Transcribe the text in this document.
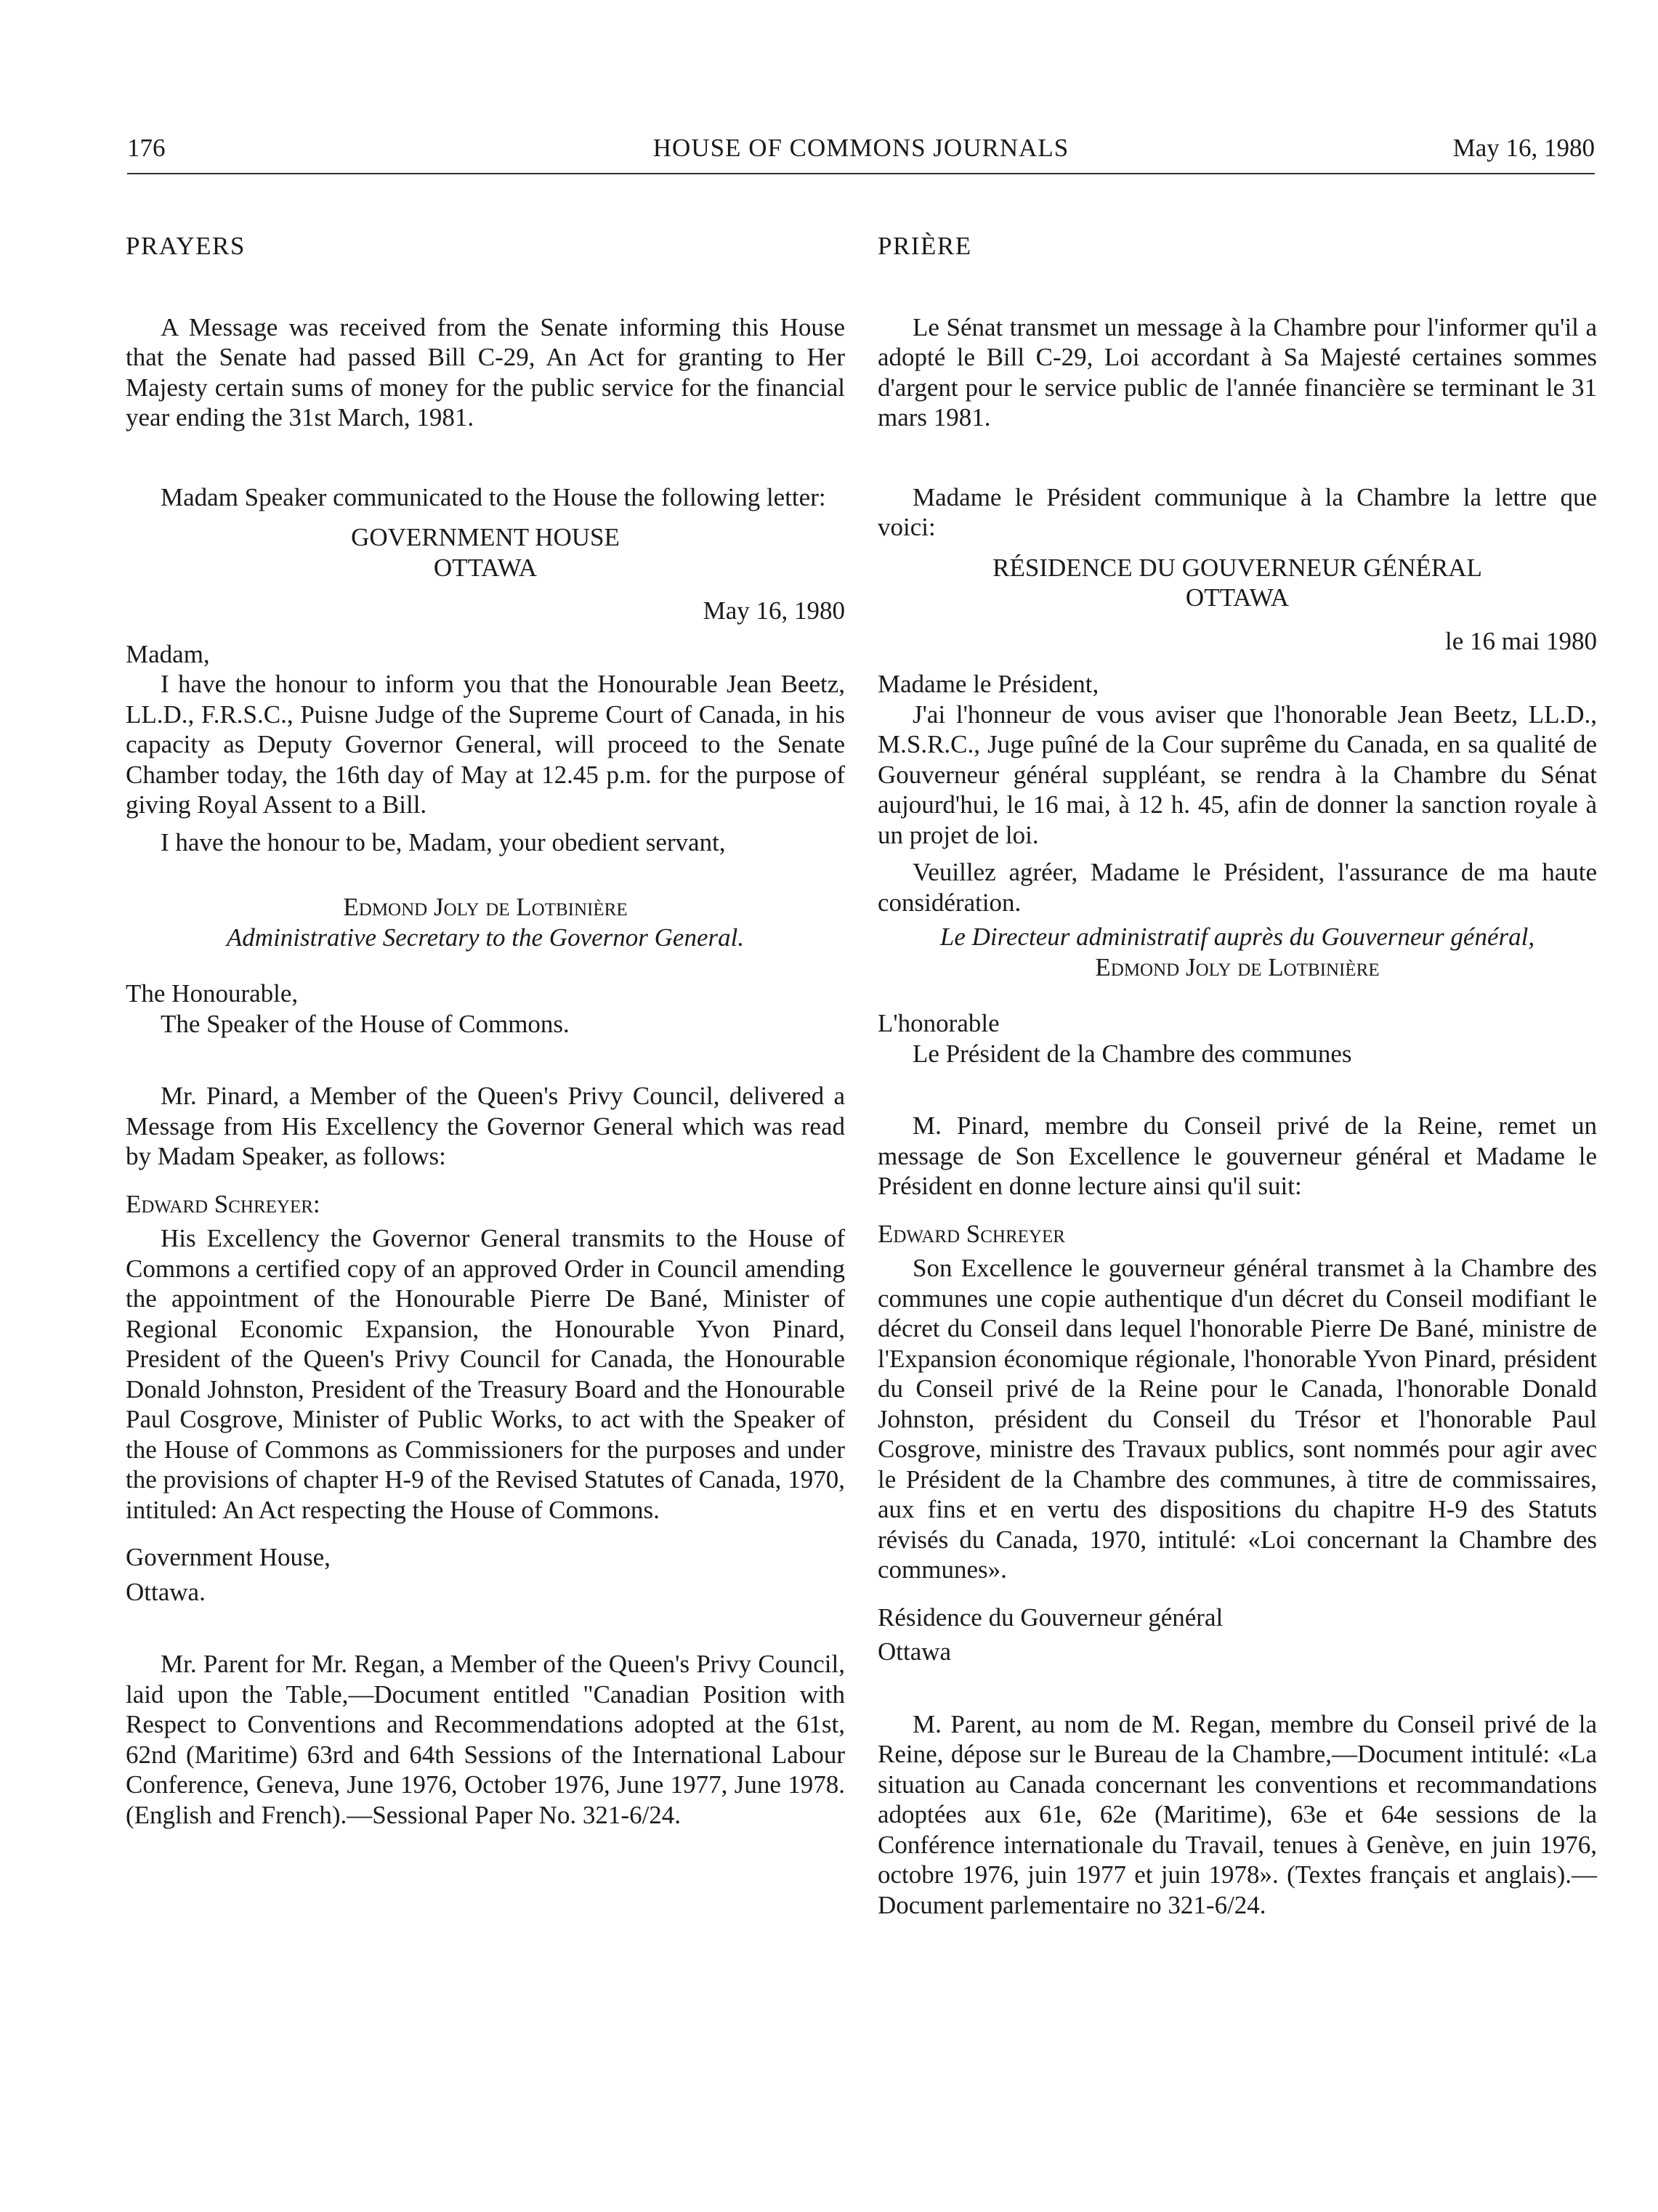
176	HOUSE OF COMMONS JOURNALS	May 16, 1980

PRAYERS

A Message was received from the Senate informing this House that the Senate had passed Bill C-29, An Act for granting to Her Majesty certain sums of money for the public service for the financial year ending the 31st March, 1981.

Madam Speaker communicated to the House the following letter:

GOVERNMENT HOUSE

OTTAWA

May 16, 1980

Madam,

I have the honour to inform you that the Honourable Jean Beetz, LL.D., F.R.S.C., Puisne Judge of the Supreme Court of Canada, in his capacity as Deputy Governor General, will proceed to the Senate Chamber today, the 16th day of May at 12.45 p.m. for the purpose of giving Royal Assent to a Bill.

I have the honour to be, Madam, your obedient servant,

Edmond Joly de Lotbinière

Administrative Secretary to the Governor General.

The Honourable,

The Speaker of the House of Commons.

Mr. Pinard, a Member of the Queen's Privy Council, delivered a Message from His Excellency the Governor General which was read by Madam Speaker, as follows:

Edward Schreyer:

His Excellency the Governor General transmits to the House of Commons a certified copy of an approved Order in Council amending the appointment of the Honourable Pierre De Bané, Minister of Regional Economic Expansion, the Honourable Yvon Pinard, President of the Queen's Privy Council for Canada, the Honourable Donald Johnston, President of the Treasury Board and the Honourable Paul Cosgrove, Minister of Public Works, to act with the Speaker of the House of Commons as Commissioners for the purposes and under the provisions of chapter H-9 of the Revised Statutes of Canada, 1970, intituled: An Act respecting the House of Commons.

Government House,

Ottawa.

Mr. Parent for Mr. Regan, a Member of the Queen's Privy Council, laid upon the Table,—Document entitled "Canadian Position with Respect to Conventions and Recommendations adopted at the 61st, 62nd (Maritime) 63rd and 64th Sessions of the International Labour Conference, Geneva, June 1976, October 1976, June 1977, June 1978. (English and French).—Sessional Paper No. 321-6/24.

PRIÈRE

Le Sénat transmet un message à la Chambre pour l'informer qu'il a adopté le Bill C-29, Loi accordant à Sa Majesté certaines sommes d'argent pour le service public de l'année financière se terminant le 31 mars 1981.

Madame le Président communique à la Chambre la lettre que voici:

RÉSIDENCE DU GOUVERNEUR GÉNÉRAL

OTTAWA

le 16 mai 1980

Madame le Président,

J'ai l'honneur de vous aviser que l'honorable Jean Beetz, LL.D., M.S.R.C., Juge puîné de la Cour suprême du Canada, en sa qualité de Gouverneur général suppléant, se rendra à la Chambre du Sénat aujourd'hui, le 16 mai, à 12 h. 45, afin de donner la sanction royale à un projet de loi.

Veuillez agréer, Madame le Président, l'assurance de ma haute considération.

Le Directeur administratif auprès du Gouverneur général,

Edmond Joly de Lotbinière

L'honorable

Le Président de la Chambre des communes

M. Pinard, membre du Conseil privé de la Reine, remet un message de Son Excellence le gouverneur général et Madame le Président en donne lecture ainsi qu'il suit:

Edward Schreyer

Son Excellence le gouverneur général transmet à la Chambre des communes une copie authentique d'un décret du Conseil modifiant le décret du Conseil dans lequel l'honorable Pierre De Bané, ministre de l'Expansion économique régionale, l'honorable Yvon Pinard, président du Conseil privé de la Reine pour le Canada, l'honorable Donald Johnston, président du Conseil du Trésor et l'honorable Paul Cosgrove, ministre des Travaux publics, sont nommés pour agir avec le Président de la Chambre des communes, à titre de commissaires, aux fins et en vertu des dispositions du chapitre H-9 des Statuts révisés du Canada, 1970, intitulé: «Loi concernant la Chambre des communes».

Résidence du Gouverneur général

Ottawa

M. Parent, au nom de M. Regan, membre du Conseil privé de la Reine, dépose sur le Bureau de la Chambre,—Document intitulé: «La situation au Canada concernant les conventions et recommandations adoptées aux 61e, 62e (Maritime), 63e et 64e sessions de la Conférence internationale du Travail, tenues à Genève, en juin 1976, octobre 1976, juin 1977 et juin 1978». (Textes français et anglais).—Document parlementaire no 321-6/24.
